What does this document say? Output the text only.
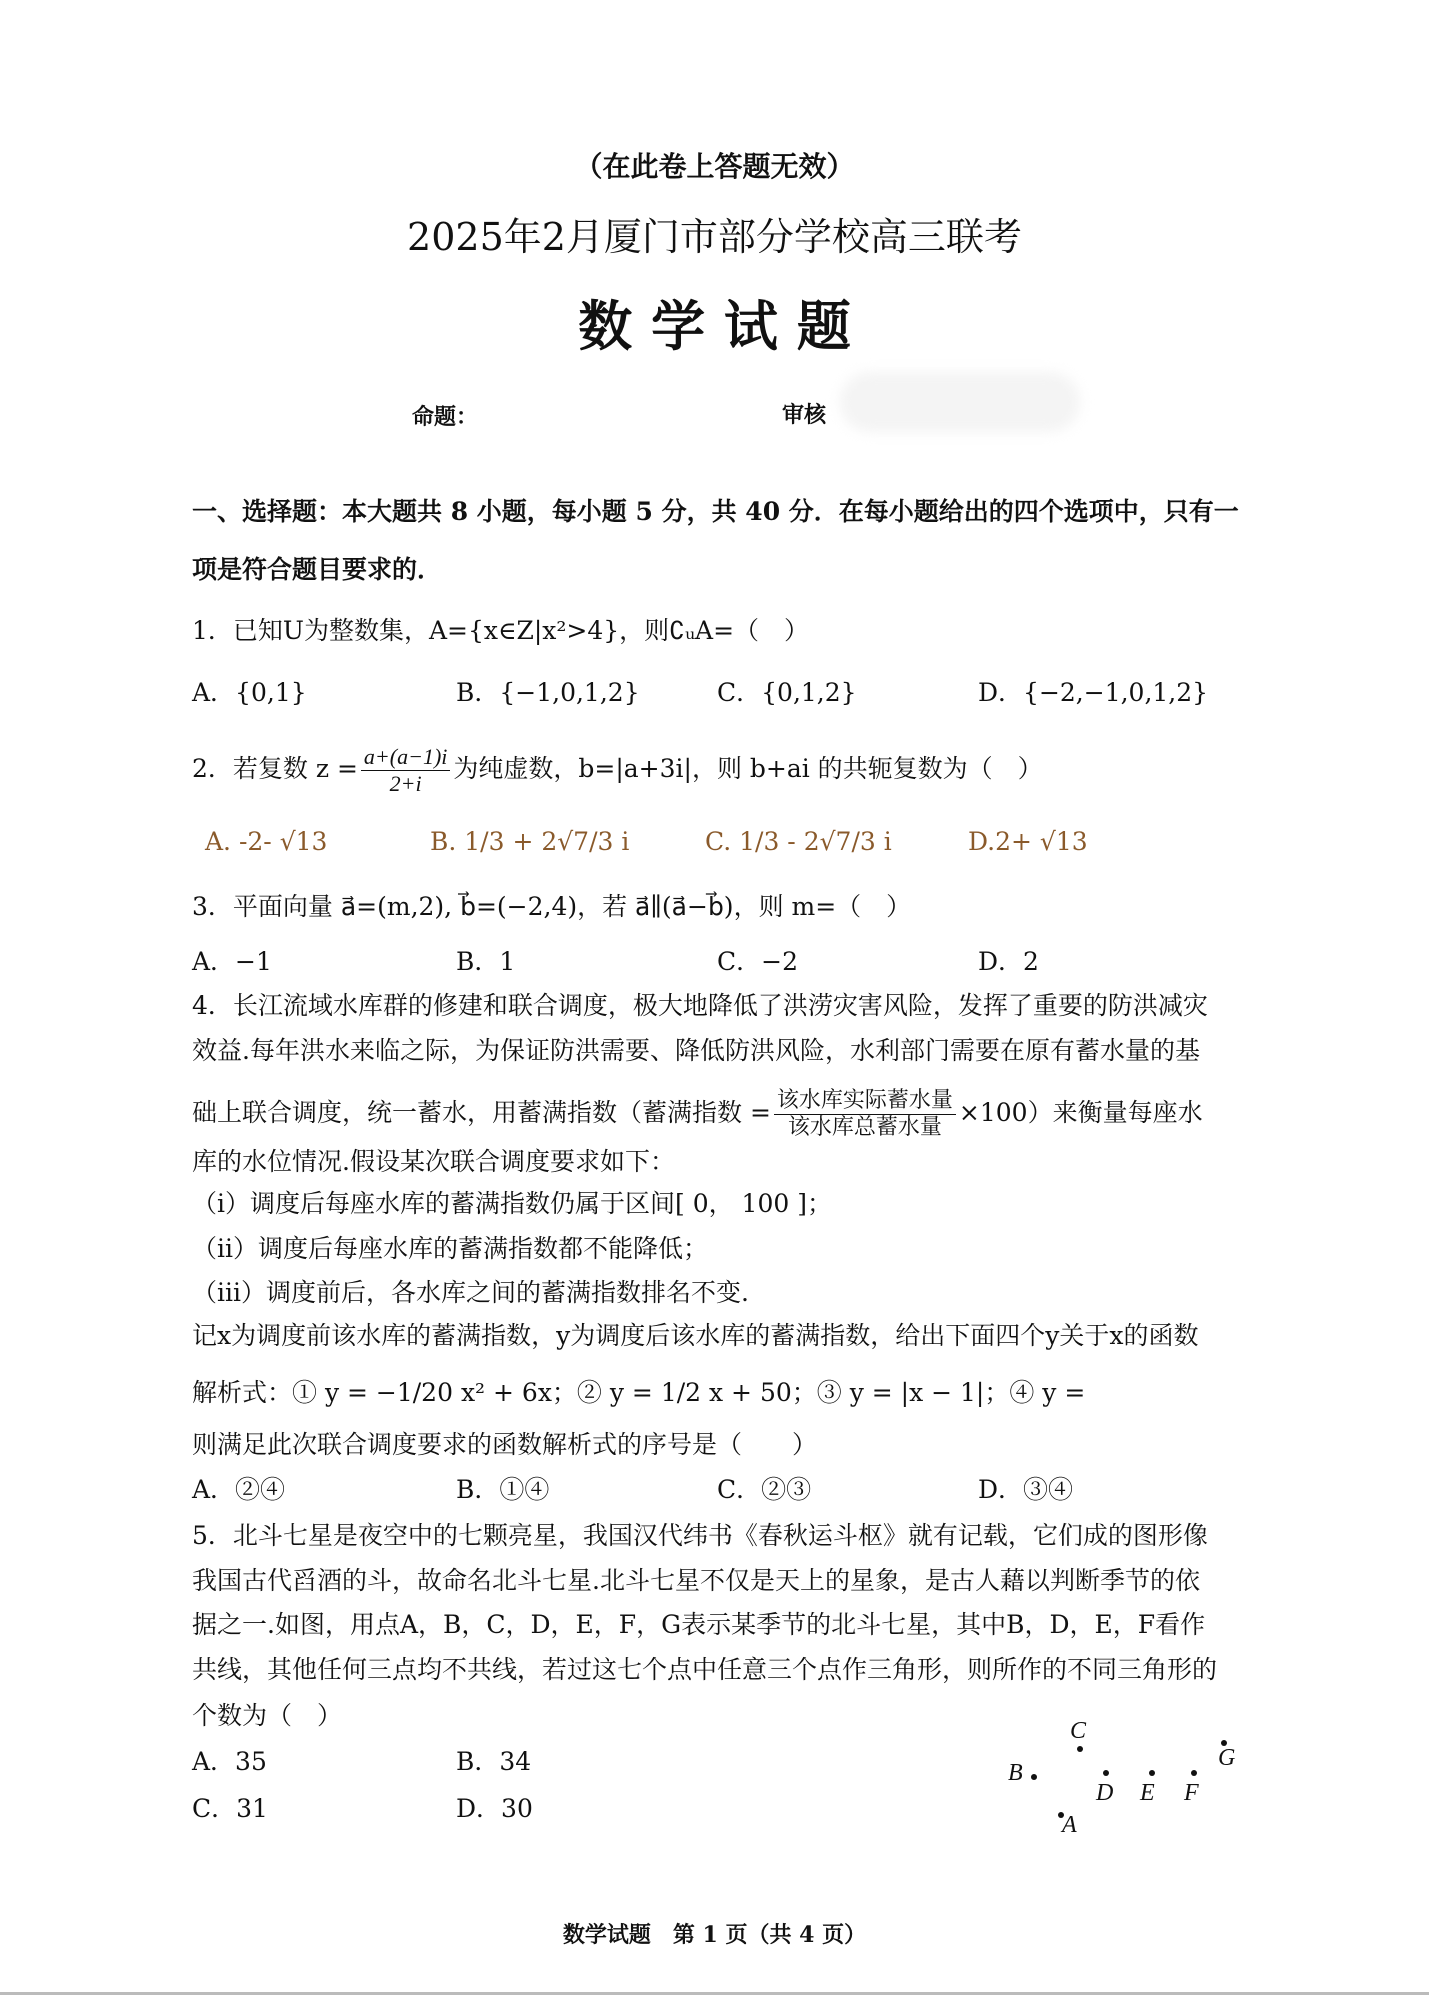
（在此卷上答题无效）
2025年2月厦门市部分学校高三联考
数 学 试 题
命题：	审核
一、选择题：本大题共 8 小题，每小题 5 分，共 40 分．在每小题给出的四个选项中，只有一
项是符合题目要求的．
1．已知U为整数集，A={x∈Z|x²>4}，则∁ᵤA=（　）
A．{0,1}	B．{−1,0,1,2}	C．{0,1,2}	D．{−2,−1,0,1,2}
2．若复数 $z = \frac{a+(a-1)i}{2+i}$ 为纯虚数，b=|a+3i|，则 b+ai 的共轭复数为（　）
A. -2- √13	B. 1/3 + 2√7/3 i	C. 1/3 - 2√7/3 i	D.2+ √13
3．平面向量 a⃗=(m,2), b⃗=(−2,4)，若 a⃗∥(a⃗−b⃗)，则 m=（　）
A．−1	B．1	C．−2	D．2
4．长江流域水库群的修建和联合调度，极大地降低了洪涝灾害风险，发挥了重要的防洪减灾
效益.每年洪水来临之际，为保证防洪需要、降低防洪风险，水利部门需要在原有蓄水量的基
础上联合调度，统一蓄水，用蓄满指数（蓄满指数 = 该水库实际蓄水量
该水库总蓄水量
×100）来衡量每座水
库的水位情况.假设某次联合调度要求如下：
（i）调度后每座水库的蓄满指数仍属于区间[ 0， 100 ]；
（ii）调度后每座水库的蓄满指数都不能降低；
（iii）调度前后，各水库之间的蓄满指数排名不变.
记x为调度前该水库的蓄满指数，y为调度后该水库的蓄满指数，给出下面四个y关于x的函数
解析式：① y = −1/20 x² + 6x；② y = 1/2 x + 50；③ y = |x − 1|；④ y =
则满足此次联合调度要求的函数解析式的序号是（　　）
A．②④	B．①④	C．②③	D．③④
5．北斗七星是夜空中的七颗亮星，我国汉代纬书《春秋运斗枢》就有记载，它们成的图形像
我国古代舀酒的斗，故命名北斗七星.北斗七星不仅是天上的星象，是古人藉以判断季节的依
据之一.如图，用点A，B，C，D，E，F，G表示某季节的北斗七星，其中B，D，E，F看作
共线，其他任何三点均不共线，若过这七个点中任意三个点作三角形，则所作的不同三角形的
个数为（　）
A．35	B．34
C．31	D．30
B
C
D E F
G
A
数学试题　第 1 页（共 4 页）
